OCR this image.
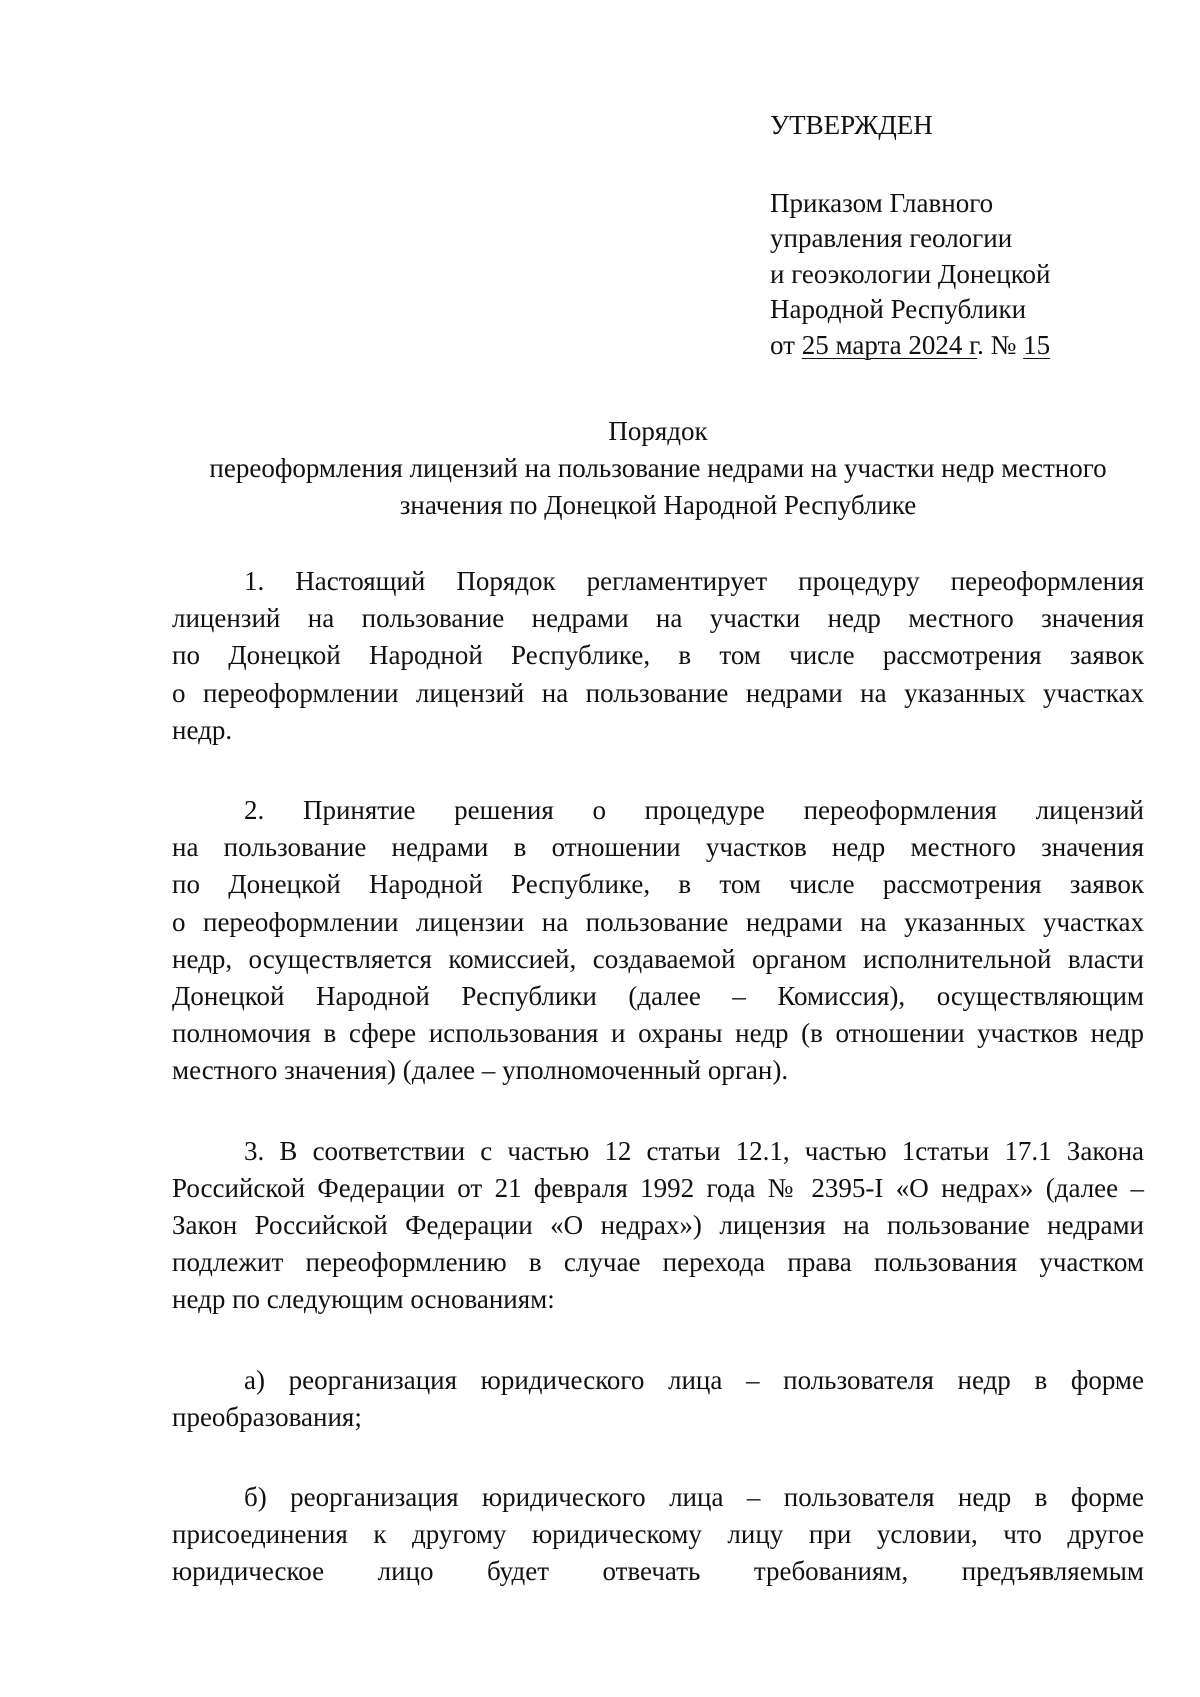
УТВЕРЖДЕН
Приказом Главного
управления геологии
и геоэкологии Донецкой
Народной Республики
от 25 марта 2024 г. № 15
Порядок
переоформления лицензий на пользование недрами на участки недр местного
значения по Донецкой Народной Республике

1. Настоящий Порядок регламентирует процедуру переоформления
лицензий на пользование недрами на участки недр местного значения
по Донецкой Народной Республике, в том числе рассмотрения заявок
о переоформлении лицензий на пользование недрами на указанных участках
недр.

2. Принятие решения о процедуре переоформления лицензий
на пользование недрами в отношении участков недр местного значения
по Донецкой Народной Республике, в том числе рассмотрения заявок
о переоформлении лицензии на пользование недрами на указанных участках
недр, осуществляется комиссией, создаваемой органом исполнительной власти
Донецкой Народной Республики (далее – Комиссия), осуществляющим
полномочия в сфере использования и охраны недр (в отношении участков недр
местного значения) (далее – уполномоченный орган).

3. В соответствии с частью 12 статьи 12.1, частью 1статьи 17.1 Закона
Российской Федерации от 21 февраля 1992 года № 2395-I «О недрах» (далее –
Закон Российской Федерации «О недрах») лицензия на пользование недрами
подлежит переоформлению в случае перехода права пользования участком
недр по следующим основаниям:

а) реорганизация юридического лица – пользователя недр в форме
преобразования;

б) реорганизация юридического лица – пользователя недр в форме
присоединения к другому юридическому лицу при условии, что другое
юридическое лицо будет отвечать требованиям, предъявляемым
